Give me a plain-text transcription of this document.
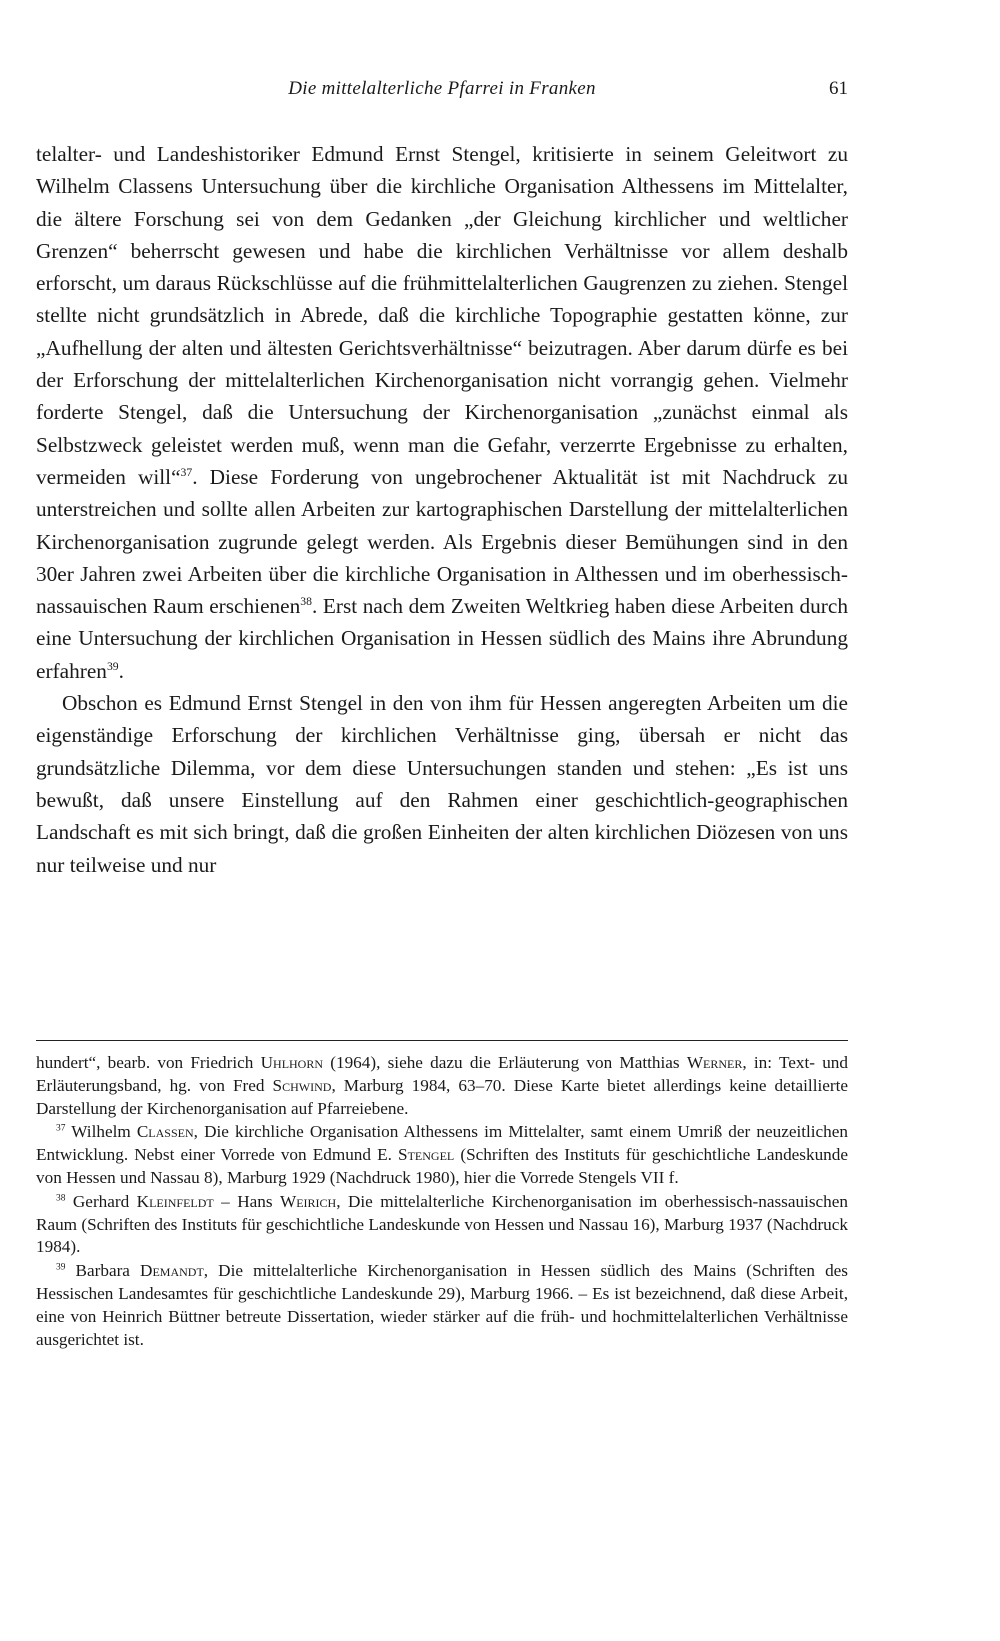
Die mittelalterliche Pfarrei in Franken	61

telalter- und Landeshistoriker Edmund Ernst Stengel, kritisierte in seinem Geleitwort zu Wilhelm Classens Untersuchung über die kirchliche Organisation Althessens im Mittelalter, die ältere Forschung sei von dem Gedanken „der Gleichung kirchlicher und weltlicher Grenzen“ beherrscht gewesen und habe die kirchlichen Verhältnisse vor allem deshalb erforscht, um daraus Rückschlüsse auf die frühmittelalterlichen Gaugrenzen zu ziehen. Stengel stellte nicht grundsätzlich in Abrede, daß die kirchliche Topographie gestatten könne, zur „Aufhellung der alten und ältesten Gerichtsverhältnisse“ beizutragen. Aber darum dürfe es bei der Erforschung der mittelalterlichen Kirchenorganisation nicht vorrangig gehen. Vielmehr forderte Stengel, daß die Untersuchung der Kirchenorganisation „zunächst einmal als Selbstzweck geleistet werden muß, wenn man die Gefahr, verzerrte Ergebnisse zu erhalten, vermeiden will“$^{37}$. Diese Forderung von ungebrochener Aktualität ist mit Nachdruck zu unterstreichen und sollte allen Arbeiten zur kartographischen Darstellung der mittelalterlichen Kirchenorganisation zugrunde gelegt werden. Als Ergebnis dieser Bemühungen sind in den 30er Jahren zwei Arbeiten über die kirchliche Organisation in Althessen und im oberhessisch-nassauischen Raum erschienen$^{38}$. Erst nach dem Zweiten Weltkrieg haben diese Arbeiten durch eine Untersuchung der kirchlichen Organisation in Hessen südlich des Mains ihre Abrundung erfahren$^{39}$.

Obschon es Edmund Ernst Stengel in den von ihm für Hessen angeregten Arbeiten um die eigenständige Erforschung der kirchlichen Verhältnisse ging, übersah er nicht das grundsätzliche Dilemma, vor dem diese Untersuchungen standen und stehen: „Es ist uns bewußt, daß unsere Einstellung auf den Rahmen einer geschichtlich-geographischen Landschaft es mit sich bringt, daß die großen Einheiten der alten kirchlichen Diözesen von uns nur teilweise und nur

hundert“, bearb. von Friedrich Uhlhorn (1964), siehe dazu die Erläuterung von Matthias Werner, in: Text- und Erläuterungsband, hg. von Fred Schwind, Marburg 1984, 63–70. Diese Karte bietet allerdings keine detaillierte Darstellung der Kirchenorganisation auf Pfarreiebene.

$^{37}$ Wilhelm Classen, Die kirchliche Organisation Althessens im Mittelalter, samt einem Umriß der neuzeitlichen Entwicklung. Nebst einer Vorrede von Edmund E. Stengel (Schriften des Instituts für geschichtliche Landeskunde von Hessen und Nassau 8), Marburg 1929 (Nachdruck 1980), hier die Vorrede Stengels VII f.

$^{38}$ Gerhard Kleinfeldt – Hans Weirich, Die mittelalterliche Kirchenorganisation im oberhessisch-nassauischen Raum (Schriften des Instituts für geschichtliche Landeskunde von Hessen und Nassau 16), Marburg 1937 (Nachdruck 1984).

$^{39}$ Barbara Demandt, Die mittelalterliche Kirchenorganisation in Hessen südlich des Mains (Schriften des Hessischen Landesamtes für geschichtliche Landeskunde 29), Marburg 1966. – Es ist bezeichnend, daß diese Arbeit, eine von Heinrich Büttner betreute Dissertation, wieder stärker auf die früh- und hochmittelalterlichen Verhältnisse ausgerichtet ist.
